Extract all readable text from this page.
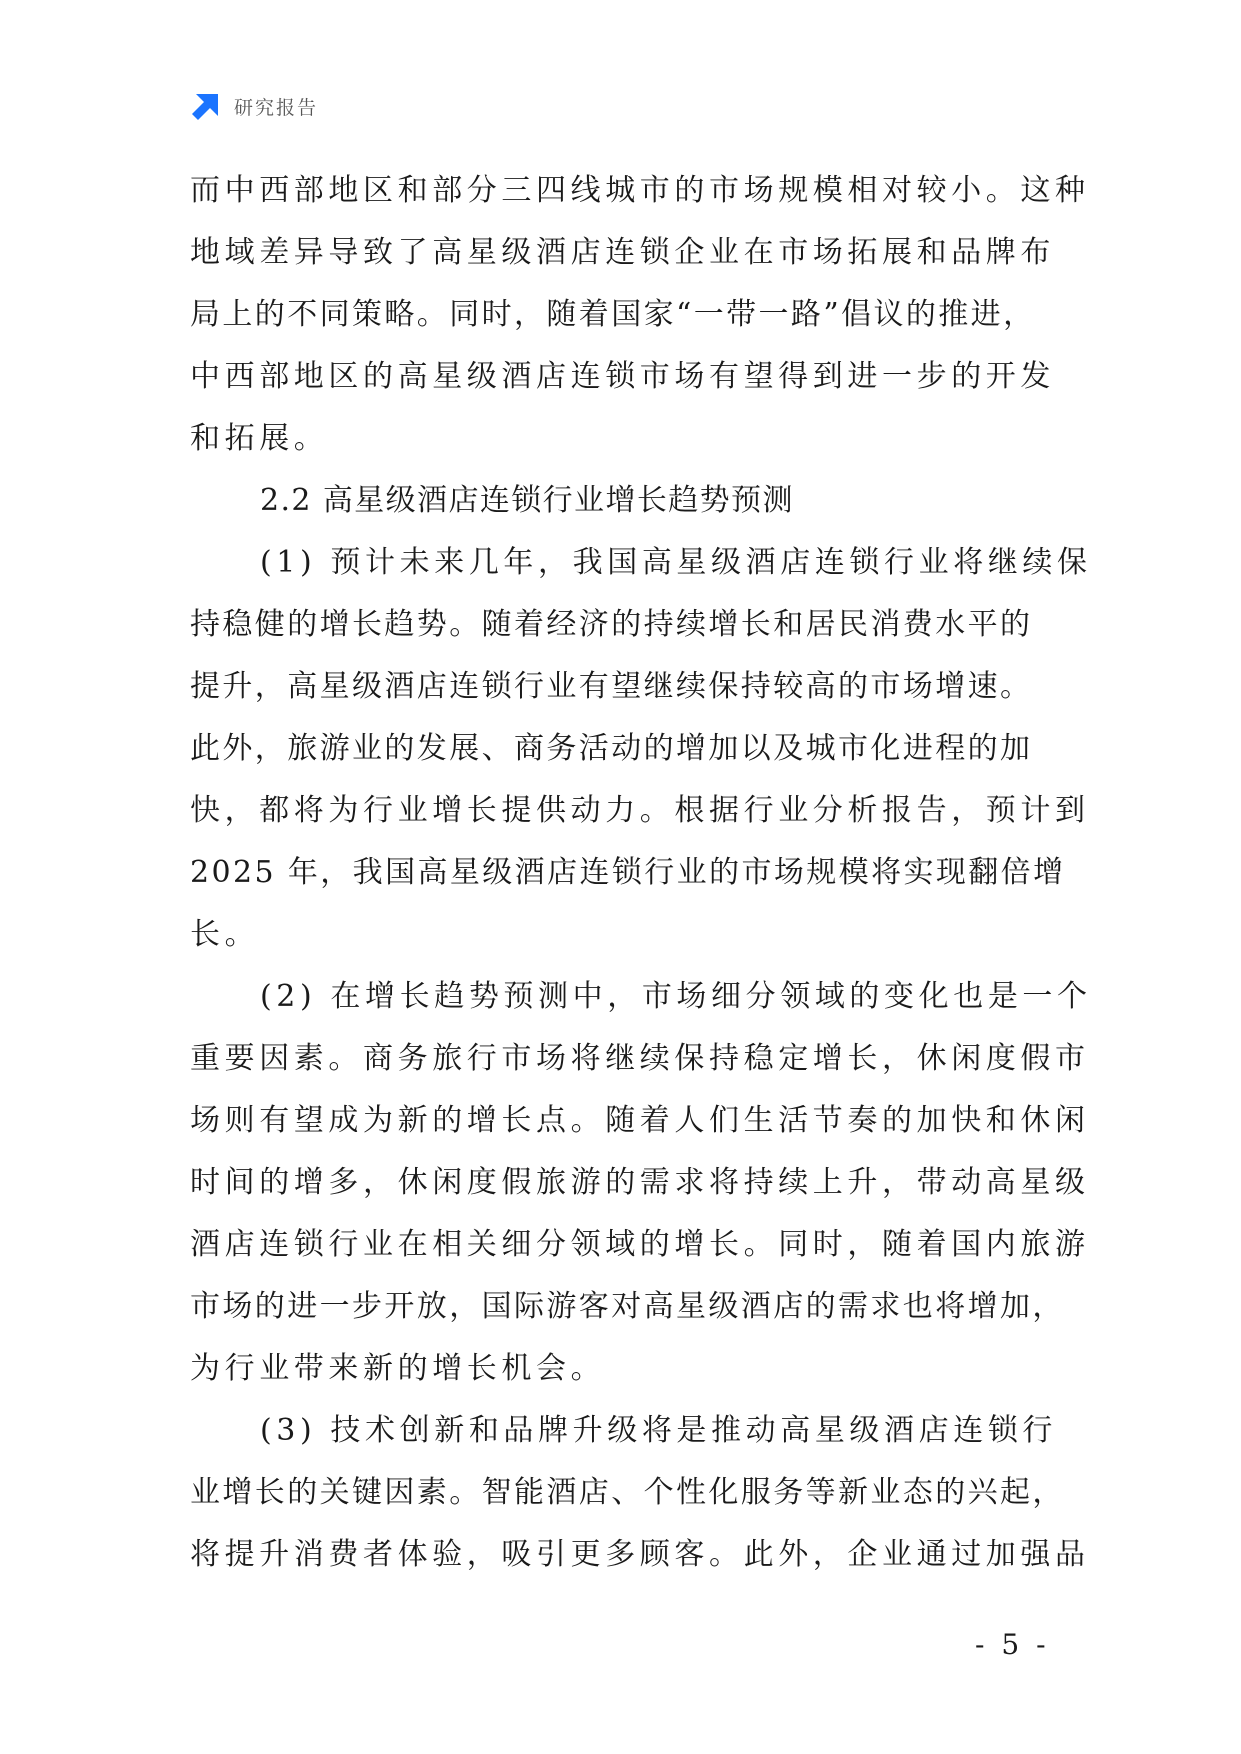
研究报告
而中西部地区和部分三四线城市的市场规模相对较小。这种
地域差异导致了高星级酒店连锁企业在市场拓展和品牌布
局上的不同策略。同时，随着国家“一带一路”倡议的推进，
中西部地区的高星级酒店连锁市场有望得到进一步的开发
和拓展。
2.2 高星级酒店连锁行业增长趋势预测
(1) 预计未来几年，我国高星级酒店连锁行业将继续保
持稳健的增长趋势。随着经济的持续增长和居民消费水平的
提升，高星级酒店连锁行业有望继续保持较高的市场增速。
此外，旅游业的发展、商务活动的增加以及城市化进程的加
快，都将为行业增长提供动力。根据行业分析报告，预计到
2025 年，我国高星级酒店连锁行业的市场规模将实现翻倍增
长。
(2) 在增长趋势预测中，市场细分领域的变化也是一个
重要因素。商务旅行市场将继续保持稳定增长，休闲度假市
场则有望成为新的增长点。随着人们生活节奏的加快和休闲
时间的增多，休闲度假旅游的需求将持续上升，带动高星级
酒店连锁行业在相关细分领域的增长。同时，随着国内旅游
市场的进一步开放，国际游客对高星级酒店的需求也将增加，
为行业带来新的增长机会。
(3) 技术创新和品牌升级将是推动高星级酒店连锁行
业增长的关键因素。智能酒店、个性化服务等新业态的兴起，
将提升消费者体验，吸引更多顾客。此外，企业通过加强品
- 5 -
